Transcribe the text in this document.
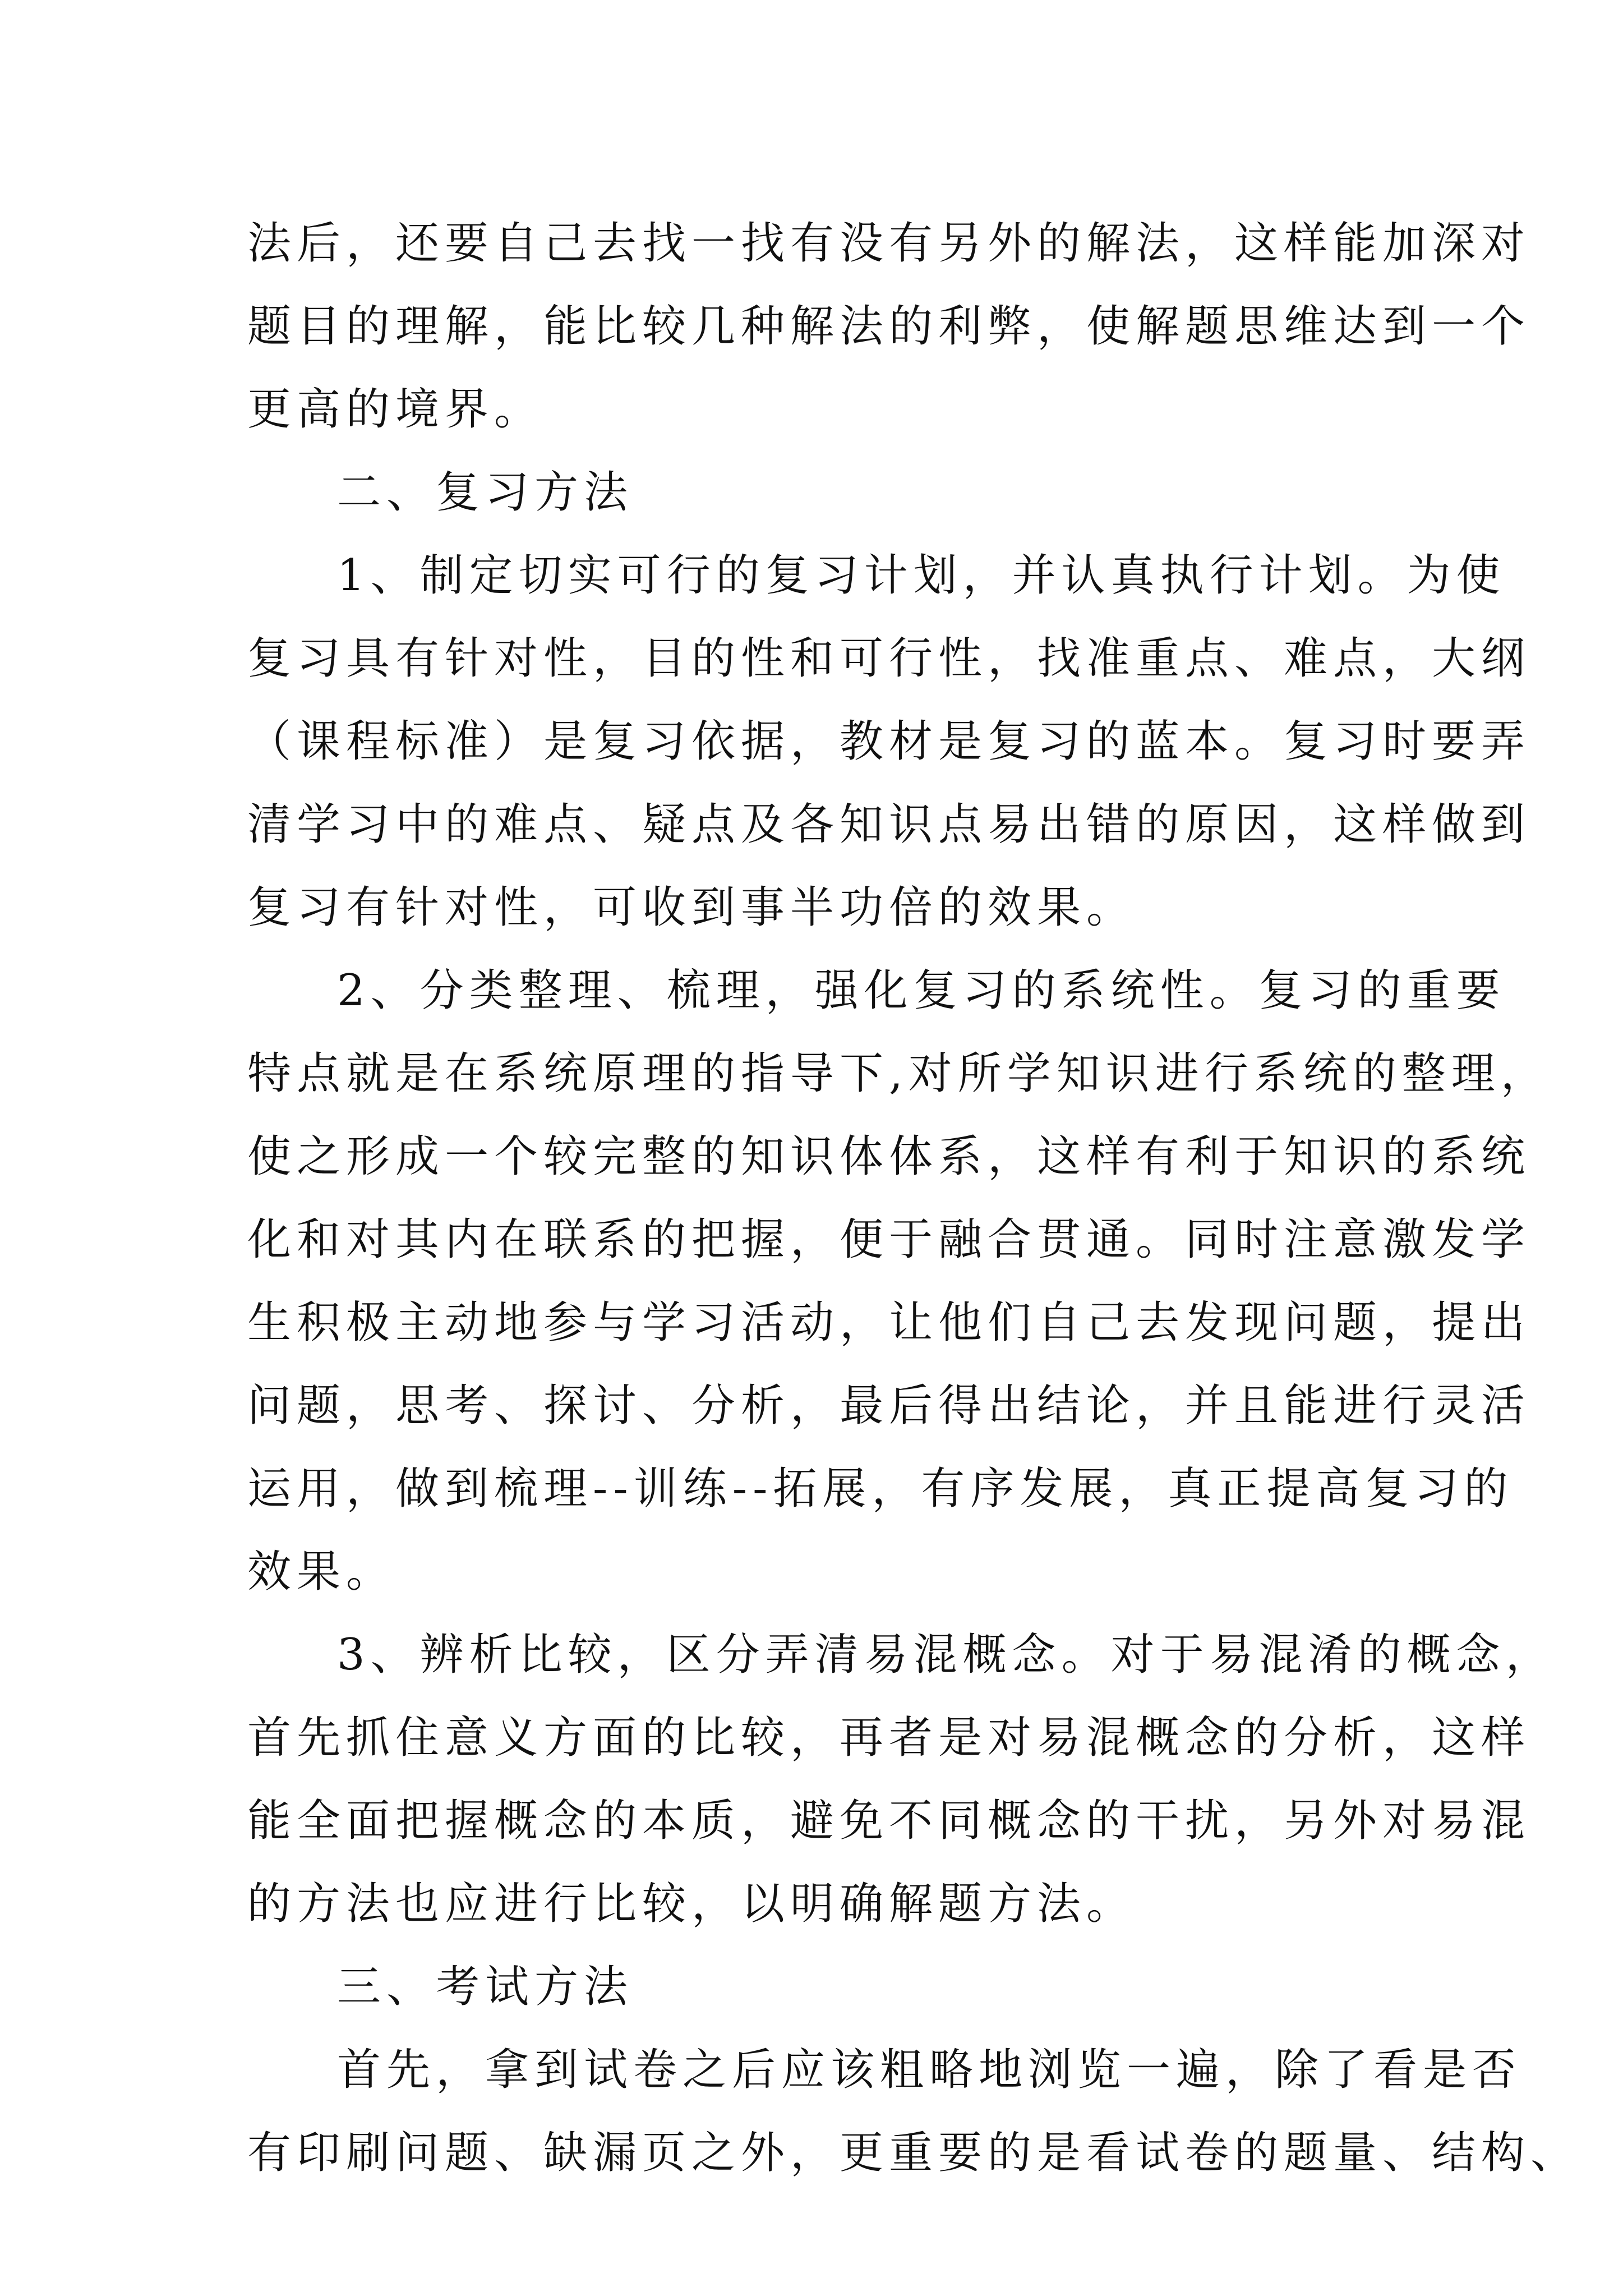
法后，还要自己去找一找有没有另外的解法，这样能加深对
题目的理解，能比较几种解法的利弊，使解题思维达到一个
更高的境界。
二、复习方法
1、制定切实可行的复习计划，并认真执行计划。为使
复习具有针对性，目的性和可行性，找准重点、难点，大纲
（课程标准）是复习依据，教材是复习的蓝本。复习时要弄
清学习中的难点、疑点及各知识点易出错的原因，这样做到
复习有针对性，可收到事半功倍的效果。
2、分类整理、梳理，强化复习的系统性。复习的重要
特点就是在系统原理的指导下,对所学知识进行系统的整理，
使之形成一个较完整的知识体体系，这样有利于知识的系统
化和对其内在联系的把握，便于融合贯通。同时注意激发学
生积极主动地参与学习活动，让他们自己去发现问题，提出
问题，思考、探讨、分析，最后得出结论，并且能进行灵活
运用，做到梳理--训练--拓展，有序发展，真正提高复习的
效果。
3、辨析比较，区分弄清易混概念。对于易混淆的概念，
首先抓住意义方面的比较，再者是对易混概念的分析，这样
能全面把握概念的本质，避免不同概念的干扰，另外对易混
的方法也应进行比较，以明确解题方法。
三、考试方法
首先，拿到试卷之后应该粗略地浏览一遍，除了看是否
有印刷问题、缺漏页之外，更重要的是看试卷的题量、结构、
